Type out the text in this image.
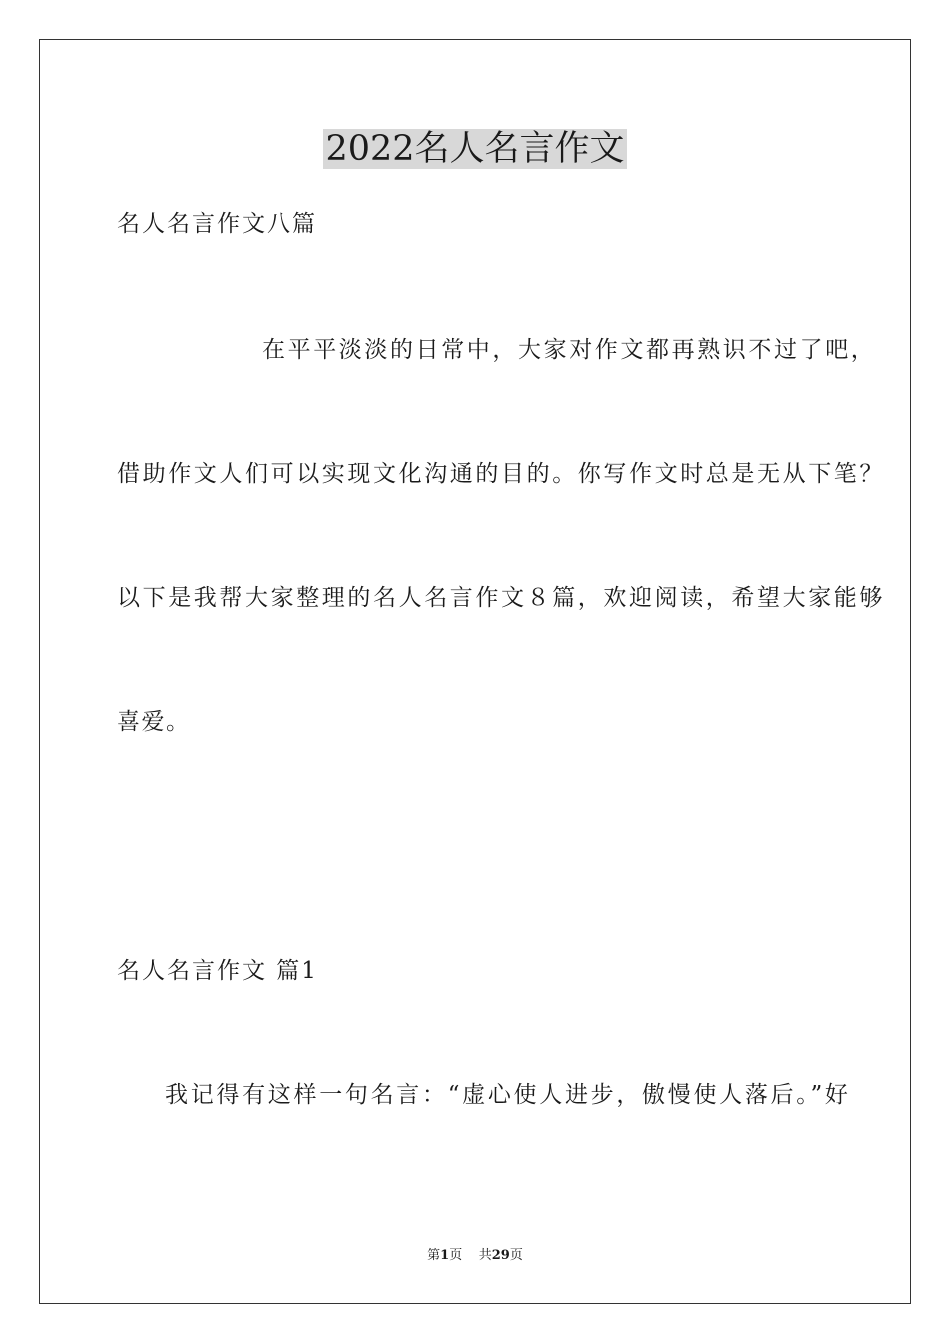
2022名人名言作文

名人名言作文八篇

在平平淡淡的日常中，大家对作文都再熟识不过了吧，

借助作文人们可以实现文化沟通的目的。你写作文时总是无从下笔？

以下是我帮大家整理的名人名言作文８篇，欢迎阅读，希望大家能够

喜爱。

名人名言作文 篇1

我记得有这样一句名言：“虚心使人进步，傲慢使人落后。”好

第1页 共29页
